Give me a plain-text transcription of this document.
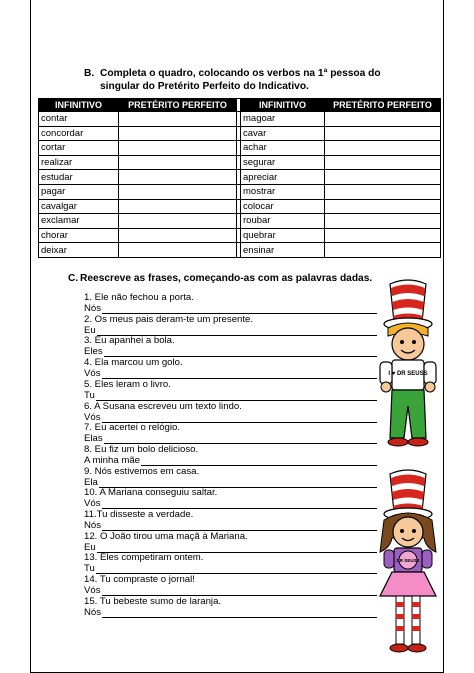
B. Completa o quadro, colocando os verbos na 1ª pessoa do
singular do Pretérito Perfeito do Indicativo.
INFINITIVO	PRETÉRITO PERFEITO		INFINITIVO	PRETÉRITO PERFEITO
contar			magoar	
concordar			cavar	
cortar			achar	
realizar			segurar	
estudar			apreciar	
pagar			mostrar	
cavalgar			colocar	
exclamar			roubar	
chorar			quebrar	
deixar			ensinar	
C. Reescreve as frases, começando-as com as palavras dadas.
1. Ele não fechou a porta.
Nós
2. Os meus pais deram-te um presente.
Eu
3. Eu apanhei a bola.
Eles
4. Ela marcou um golo.
Vós
5. Eles leram o livro.
Tu
6. A Susana escreveu um texto lindo.
Vós
7. Eu acertei o relógio.
Elas
8. Eu fiz um bolo delicioso.
A minha mãe
9. Nós estivemos em casa.
Ela
10. A Mariana conseguiu saltar.
Vós
11.Tu disseste a verdade.
Nós
12. O João tirou uma maçã à Mariana.
Eu
13. Eles competiram ontem.
Tu
14. Tu compraste o jornal!
Vós
15. Tu bebeste sumo de laranja.
Nós
I ♥ DR SEUSS
DR SEUSS
